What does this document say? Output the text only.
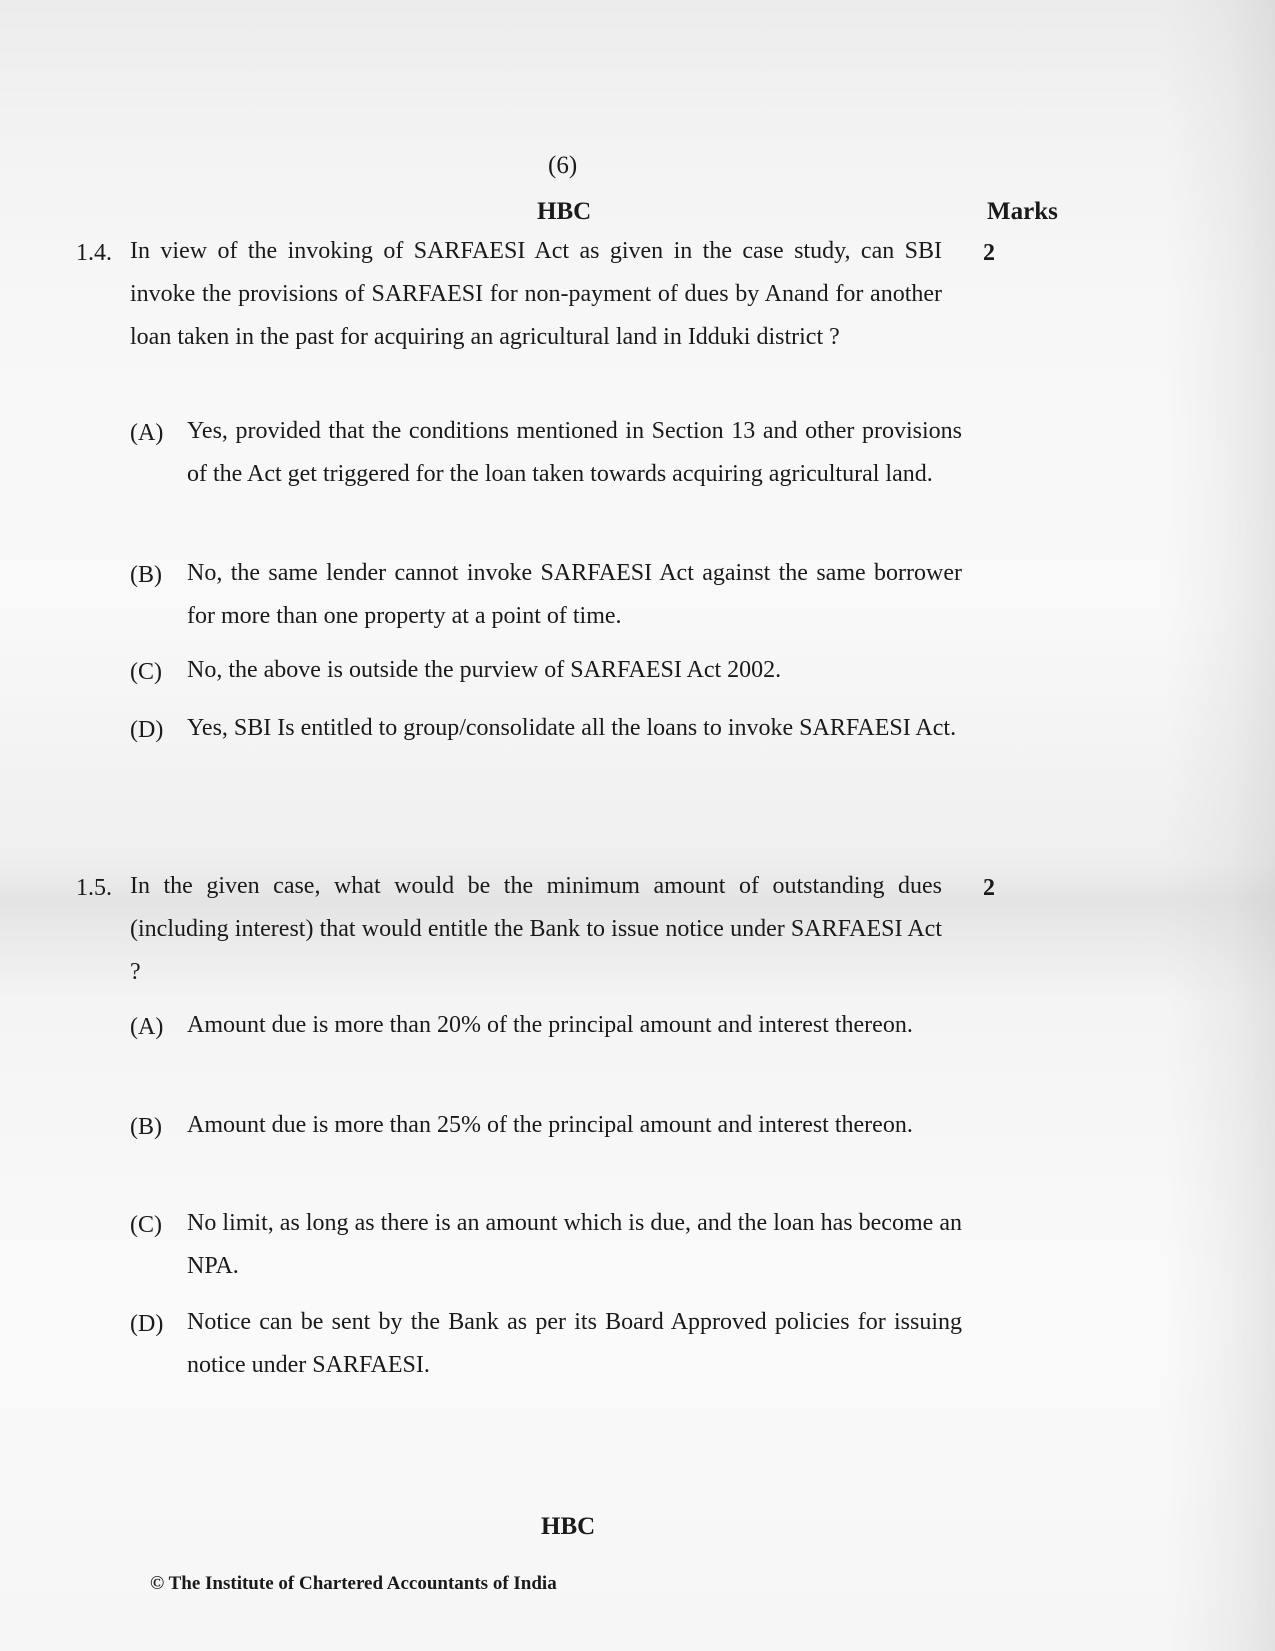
(6)
HBC	Marks
1.4. In view of the invoking of SARFAESI Act as given in the case study, can SBI invoke the provisions of SARFAESI for non-payment of dues by Anand for another loan taken in the past for acquiring an agricultural land in Idduki district ?
2
(A) Yes, provided that the conditions mentioned in Section 13 and other provisions of the Act get triggered for the loan taken towards acquiring agricultural land.
(B) No, the same lender cannot invoke SARFAESI Act against the same borrower for more than one property at a point of time.
(C) No, the above is outside the purview of SARFAESI Act 2002.
(D) Yes, SBI Is entitled to group/consolidate all the loans to invoke SARFAESI Act.
1.5. In the given case, what would be the minimum amount of outstanding dues (including interest) that would entitle the Bank to issue notice under SARFAESI Act ?
2
(A) Amount due is more than 20% of the principal amount and interest thereon.
(B) Amount due is more than 25% of the principal amount and interest thereon.
(C) No limit, as long as there is an amount which is due, and the loan has become an NPA.
(D) Notice can be sent by the Bank as per its Board Approved policies for issuing notice under SARFAESI.
HBC
© The Institute of Chartered Accountants of India
